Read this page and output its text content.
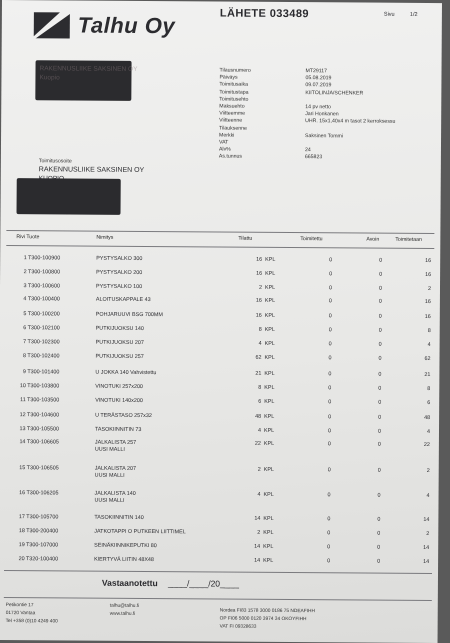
Talhu Oy	LÄHETE 033489	Sivu	1/2
RAKENNUSLIIKE SAKSINEN OY
Kuopio
Toimitusosoite
RAKENNUSLIIKE SAKSINEN OY
Tilausnumero	MT29117
Päiväys	05.08.2019
Toimitusaika	09.07.2019
Toimitustapa	KIITOLINJA/SCHENKER
Toimitusehto
Maksuehto	14 pv netto
Viitteemme	Jari Honkanen
Viitteenne	UHR. 15x1,40x4 m tasot 2 kerroksessu
Tilauksenne
Merkki	Saksinen Tommi
VAT
Alv%	24
As.tunnus	665823
Rivi Tuote	Nimitys	Tilattu	Toimitettu	Avoin	Toimitetaan
1 T300-100900	PYSTYSALKO 300	16 KPL	0	0	16
2 T300-100800	PYSTYSALKO 200	16 KPL	0	0	16
3 T300-100600	PYSTYSALKO 100	2 KPL	0	0	2
4 T300-100400	ALOITUSKAPPALE 43	16 KPL	0	0	16
5 T300-100200	POHJARUUVI BSG 700MM	16 KPL	0	0	16
6 T300-102100	PUTKIJUOKSU 140	8 KPL	0	0	8
7 T300-102300	PUTKIJUOKSU 207	4 KPL	0	0	4
8 T300-102400	PUTKIJUOKSU 257	62 KPL	0	0	62
9 T300-101400	U JOKKA 140 Vahvistettu	21 KPL	0	0	21
10 T300-103800	VINOTUKI 257x200	8 KPL	0	0	8
11 T300-103500	VINOTUKI 140x200	6 KPL	0	0	6
12 T300-104600	U TERÄSTASO 257x32	48 KPL	0	0	48
13 T300-105500	TASOKIINNITIN 73	4 KPL	0	0	4
14 T300-106605	JALKALISTA 257
UUSI MALLI
22 KPL	0	0	22
15 T300-106505	JALKALISTA 207
UUSI MALLI
2 KPL	0	0	2
16 T300-106205	JALKALISTA 140
UUSI MALLI
4 KPL	0	0	4
17 T300-105700	TASOKIINNITIN 140	14 KPL	0	0	14
18 T300-200400	JATKOTAPPI O PUTKEEN LIITTIMEL	2 KPL	0	0	2
19 T300-107000	SEINÄKIINNIKEPUTKI 80	14 KPL	0	0	14
20 T320-100400	KIERTYVÄ LIITIN 48X48	14 KPL	0	0	14
Vastaanotettu ____/____/20____
Petikontie 17
01720 Vantaa
Tel +358 (0)10 4249 400
talhu@talhu.fi
www.talhu.fi
Nordea FI83 1578 3000 0186 75 NDEAFIHH
OP FI06 5000 0120 3974 34 OKOYFIHH
VAT FI 09328633
